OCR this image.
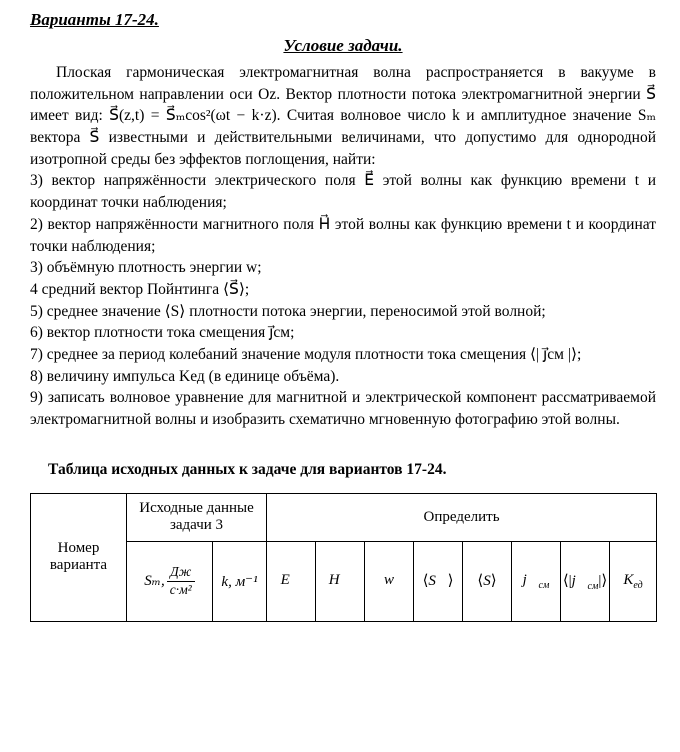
Варианты 17-24.
Условие задачи.

Плоская гармоническая электромагнитная волна распространяется в вакууме в положительном направлении оси Oz. Вектор плотности потока электромагнитной энергии S⃗ имеет вид: S⃗(z,t) = S⃗ₘcos²(ωt − k·z). Считая волновое число k и амплитудное значение Sₘ вектора S⃗ известными и действительными величинами, что допустимо для однородной изотропной среды без эффектов поглощения, найти:

3) вектор напряжённости электрического поля E⃗ этой волны как функцию времени t и координат точки наблюдения;

2) вектор напряжённости магнитного поля H⃗ этой волны как функцию времени t и координат точки наблюдения;

3) объёмную плотность энергии w;

4 средний вектор Пойнтинга ⟨S⃗⟩;

5) среднее значение ⟨S⟩ плотности потока энергии, переносимой этой волной;

6) вектор плотности тока смещения j⃗см;

7) среднее за период колебаний значение модуля плотности тока смещения ⟨| j⃗см |⟩;

8) величину импульса Kед (в единице объёма).

9) записать волновое уравнение для магнитной и электрической компонент рассматриваемой электромагнитной волны и изобразить схематично мгновенную фотографию этой волны.

Таблица исходных данных к задаче для вариантов 17-24.

Номер варианта	Исходные данные задачи 3		Определить							
	Sₘ, $\frac{Дж}{\text{с·м²}}$	k, м⁻¹	E⃗	H⃗	w	⟨S⃗⟩	⟨S⟩	$j⃗_{см}$	$⟨|j⃗_{см}|⟩$	$K_{ед}$
